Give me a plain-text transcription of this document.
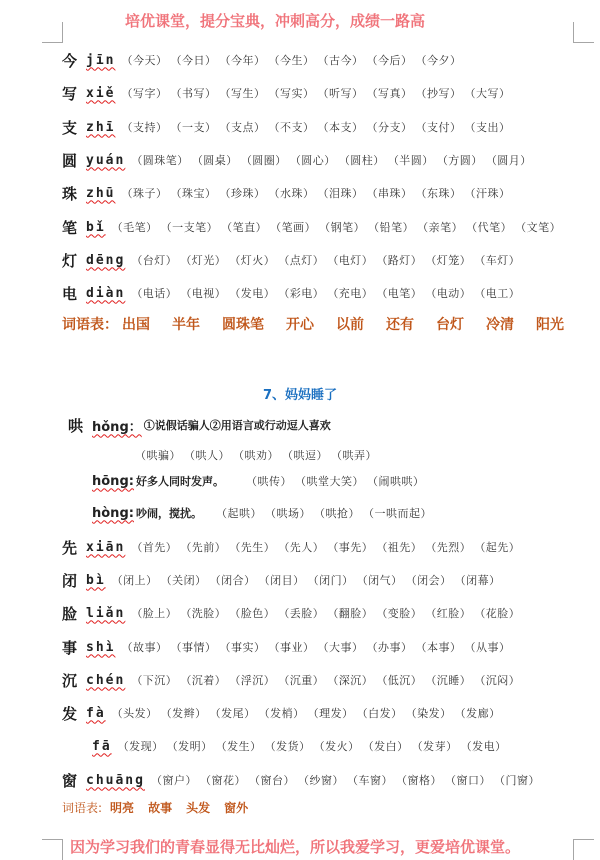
培优课堂，提分宝典，冲刺高分，成绩一路高
今 jīn （今天） （今日） （今年） （今生） （古今） （今后） （今夕）
写 xiě （写字） （书写） （写生） （写实） （听写） （写真） （抄写） （大写）
支 zhī （支持） （一支） （支点） （不支） （本支） （分支） （支付） （支出）
圆 yuán （圆珠笔） （圆桌） （圆圈） （圆心） （圆柱） （半圆） （方圆） （圆月）
珠 zhū （珠子） （珠宝） （珍珠） （水珠） （泪珠） （串珠） （东珠） （汗珠）
笔 bǐ （毛笔） （一支笔） （笔直） （笔画） （钢笔） （铅笔） （亲笔） （代笔） （文笔）
灯 dēng （台灯） （灯光） （灯火） （点灯） （电灯） （路灯） （灯笼） （车灯）
电 diàn （电话） （电视） （发电） （彩电） （充电） （电笔） （电动） （电工）
词语表： 出国 半年 圆珠笔 开心 以前 还有 台灯 冷清 阳光
7、妈妈睡了
哄 hǒng： ①说假话骗人②用语言或行动逗人喜欢
（哄骗） （哄人） （哄劝） （哄逗） （哄弄）
hōng: 好多人同时发声。 （哄传） （哄堂大笑） （闹哄哄）
hòng: 吵闹，搅扰。 （起哄） （哄场） （哄抢） （一哄而起）
先 xiān （首先） （先前） （先生） （先人） （事先） （祖先） （先烈） （起先）
闭 bì （闭上） （关闭） （闭合） （闭目） （闭门） （闭气） （闭会） （闭幕）
脸 liǎn （脸上） （洗脸） （脸色） （丢脸） （翻脸） （变脸） （红脸） （花脸）
事 shì （故事） （事情） （事实） （事业） （大事） （办事） （本事） （从事）
沉 chén （下沉） （沉着） （浮沉） （沉重） （深沉） （低沉） （沉睡） （沉闷）
发 fà （头发） （发辫） （发尾） （发梢） （理发） （白发） （染发） （发廊）
fā （发现） （发明） （发生） （发货） （发火） （发白） （发芽） （发电）
窗 chuāng （窗户） （窗花） （窗台） （纱窗） （车窗） （窗格） （窗口） （门窗）
词语表: 明亮 故事 头发 窗外
因为学习我们的青春显得无比灿烂，所以我爱学习，更爱培优课堂。
